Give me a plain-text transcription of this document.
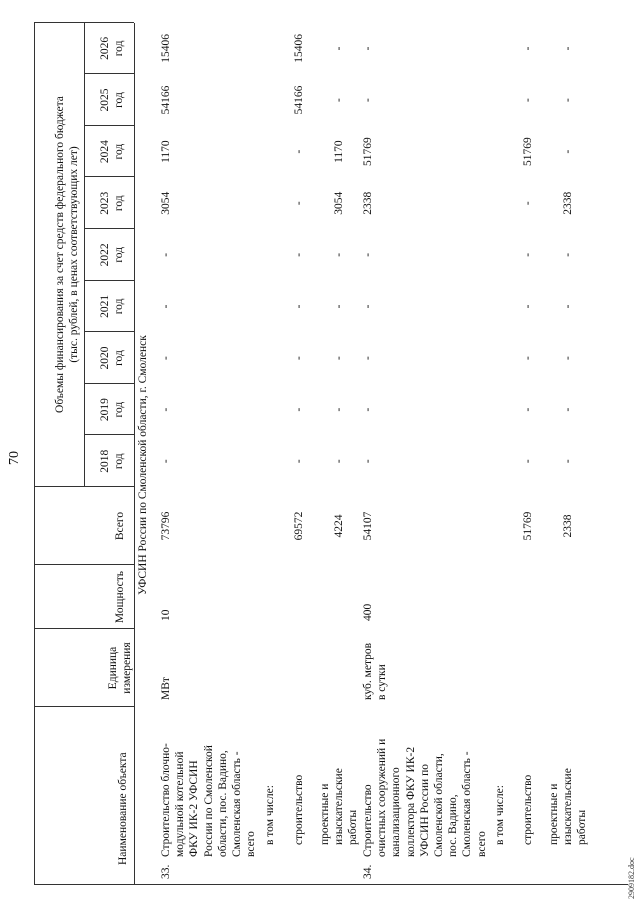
70
Наименование объекта
Единица измерения
Мощность
Всего
Объемы финансирования за счет средств федерального бюджета (тыс. рублей, в ценах соответствующих лет)
2018 год
2019 год
2020 год
2021 год
2022 год
2023 год
2024 год
2025 год
2026 год
УФСИН России по Смоленской области, г. Смоленск
33.
Строительство блочно- модульной котельной ФКУ ИК-2 УФСИН России по Смоленской области, пос. Вадино, Смоленская область - всего
МВт
10
73796
-
-
-
-
-
3054
1170
54166
15406
в том числе: строительство
69572
-
-
-
-
-
-
-
54166
15406
проектные и изыскательские работы
4224
-
-
-
-
-
3054
1170
-
-
34.
Строительство очистных сооружений и канализационного коллектора ФКУ ИК-2 УФСИН России по Смоленской области, пос. Вадино, Смоленская область - всего
куб. метров в сутки
400
54107
-
-
-
-
-
2338
51769
-
-
в том числе: строительство
51769
-
-
-
-
-
-
51769
-
-
проектные и изыскательские работы
2338
-
-
-
-
-
2338
-
-
-
2909182.doc
